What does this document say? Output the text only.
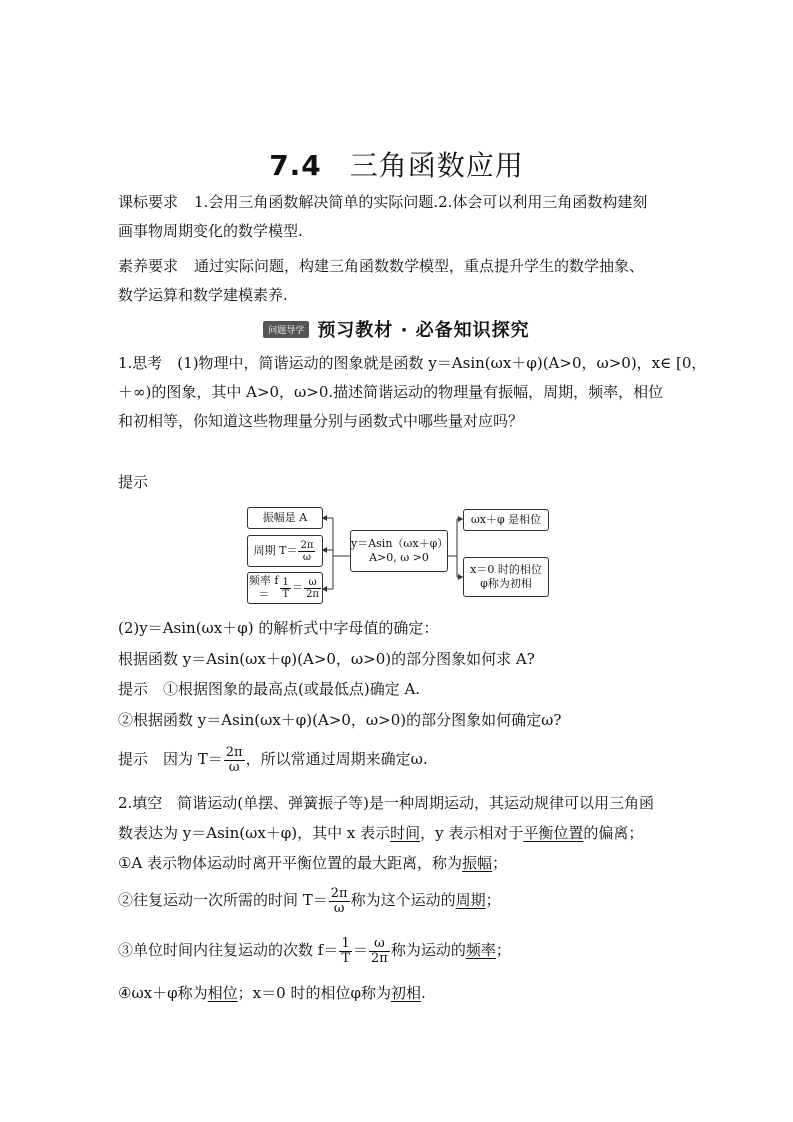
7.4 三角函数应用
课标要求 1.会用三角函数解决简单的实际问题.2.体会可以利用三角函数构建刻
画事物周期变化的数学模型.
素养要求 通过实际问题，构建三角函数数学模型，重点提升学生的数学抽象、
数学运算和数学建模素养.
问题导学 预习教材 · 必备知识探究
1.思考　(1)物理中，简谐运动的图象就是函数 y＝Asin(ωx＋φ)(A>0，ω>0)，x∈ [0，
＋∞)的图象，其中 A>0，ω>0.描述简谐运动的物理量有振幅，周期，频率，相位
和初相等，你知道这些物理量分别与函数式中哪些量对应吗？
提示
振幅是 A
周期 $T= \frac{2\pi}{\omega}$
频率 f＝	$\frac{1}{T} = \frac{\omega}{2\pi}$
y＝Asin（ωx＋φ）
A>0, ω >0
ωx＋φ 是相位
x＝0 时的相位
φ称为初相
(2)y＝Asin(ωx＋φ) 的解析式中字母值的确定：
根据函数 y＝Asin(ωx＋φ)(A>0，ω>0)的部分图象如何求 A?
提示　①根据图象的最高点(或最低点)确定 A.
②根据函数 y＝Asin(ωx＋φ)(A>0，ω>0)的部分图象如何确定ω?
提示　因为 $T= \frac{2\pi}{\omega}$ ，所以常通过周期来确定ω.
2.填空　简谐运动(单摆、弹簧振子等)是一种周期运动，其运动规律可以用三角函
数表达为 y＝Asin(ωx＋φ)，其中 x 表示时间，y 表示相对于平衡位置的偏离；
①A 表示物体运动时离开平衡位置的最大距离，称为振幅；
②往复运动一次所需的时间 $T= \frac{2\pi}{\omega}$ 称为这个运动的周期；
③单位时间内往复运动的次数 $f= \frac{1}{T} = \frac{\omega}{2\pi}$ 称为运动的频率；
④ωx＋φ称为相位；x＝0 时的相位φ称为初相.
